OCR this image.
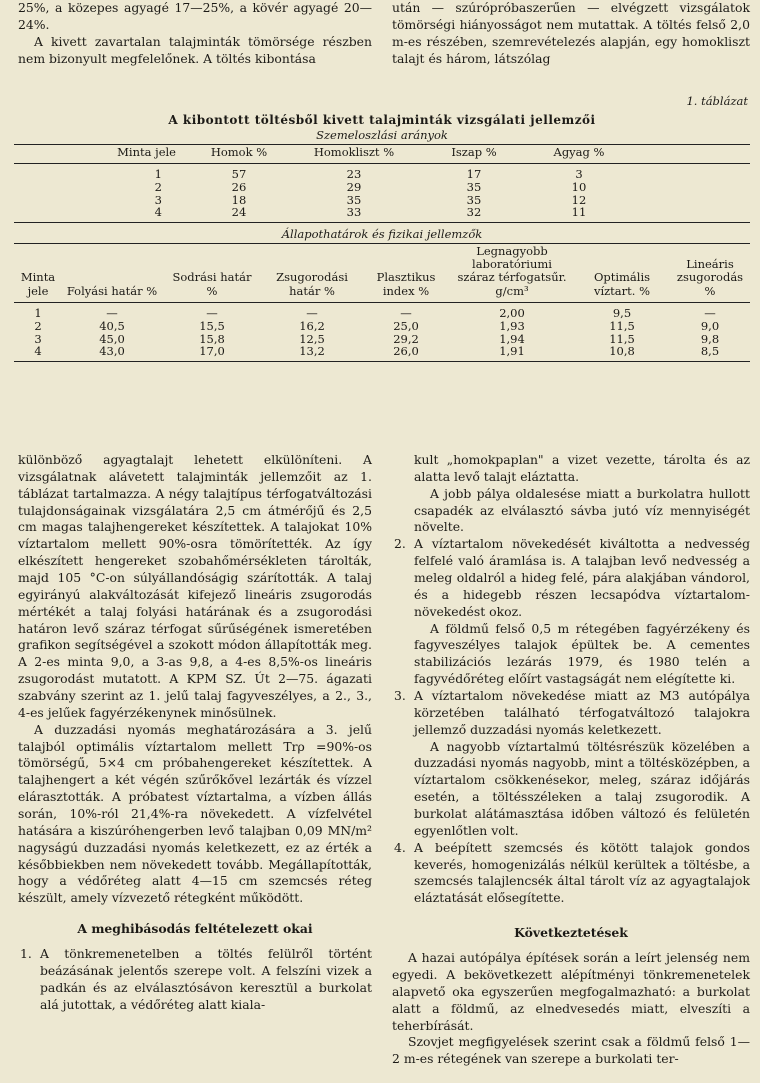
25%, a közepes agyagé 17—25%, a kövér agyagé 20—24%.

A kivett zavartalan talajminták tömörsége részben nem bizonyult megfelelőnek. A töltés kibontása

után — szúrópróbaszerűen — elvégzett vizsgálatok tömörségi hiányosságot nem mutattak. A töltés felső 2,0 m-es részében, szemrevételezés alapján, egy homokliszt talajt és három, látszólag

1. táblázat
A kibontott töltésből kivett talajminták vizsgálati jellemzői
Szemeloszlási arányok
Minta jele	Homok %	Homokliszt %	Iszap %	Agyag %	
1	57	23	17	3	
2	26	29	35	10	
3	18	35	35	12	
4	24	33	32	11	
Állapothatárok és fizikai jellemzők
Minta jele	Folyási határ %	Sodrási határ %	Zsugorodási határ %	Plasztikus index %	Legnagyobb laboratóriumi száraz térfogatsűr. g/cm³	Optimális víztart. %	Lineáris zsugorodás %
1	—	—	—	—	2,00	9,5	—
2	40,5	15,5	16,2	25,0	1,93	11,5	9,0
3	45,0	15,8	12,5	29,2	1,94	11,5	9,8
4	43,0	17,0	13,2	26,0	1,91	10,8	8,5

különböző agyagtalajt lehetett elkülöníteni. A vizsgálatnak alávetett talajminták jellemzőit az 1. táblázat tartalmazza. A négy talajtípus térfogatváltozási tulajdonságainak vizsgálatára 2,5 cm átmérőjű és 2,5 cm magas talajhengereket készítettek. A talajokat 10% víztartalom mellett 90%-osra tömörítették. Az így elkészített hengereket szobahőmérsékleten tárolták, majd 105 °C-on súlyállandóságig szárították. A talaj egyirányú alakváltozását kifejező lineáris zsugorodás mértékét a talaj folyási határának és a zsugorodási határon levő száraz térfogat sűrűségének ismeretében grafikon segítségével a szokott módon állapították meg. A 2-es minta 9,0, a 3-as 9,8, a 4-es 8,5%-os lineáris zsugorodást mutatott. A KPM SZ. Út 2—75. ágazati szabvány szerint az 1. jelű talaj fagyveszélyes, a 2., 3., 4-es jelűek fagyérzékenynek minősülnek.

A duzzadási nyomás meghatározására a 3. jelű talajból optimális víztartalom mellett Trρ =90%-os tömörségű, 5×4 cm próbahengereket készítettek. A talajhengert a két végén szűrőkővel lezárták és vízzel elárasztották. A próbatest víztartalma, a vízben állás során, 10%-ról 21,4%-ra növekedett. A vízfelvétel hatására a kiszúróhengerben levő talajban 0,09 MN/m² nagyságú duzzadási nyomás keletkezett, ez az érték a későbbiekben nem növekedett tovább. Megállapították, hogy a védőréteg alatt 4—15 cm szemcsés réteg készült, amely vízvezető rétegként működött.

A meghibásodás feltételezett okai
1. A tönkremenetelben a töltés felülről történt beázásának jelentős szerepe volt. A felszíni vizek a padkán és az elválasztósávon keresztül a burkolat alá jutottak, a védőréteg alatt kiala-

kult „homokpaplan" a vizet vezette, tárolta és az alatta levő talajt eláztatta.

A jobb pálya oldalesése miatt a burkolatra hullott csapadék az elválasztó sávba jutó víz mennyiségét növelte.

2. A víztartalom növekedését kiváltotta a nedvesség felfelé való áramlása is. A talajban levő nedvesség a meleg oldalról a hideg felé, pára alakjában vándorol, és a hidegebb részen lecsapódva víztartalom-növekedést okoz.

A földmű felső 0,5 m rétegében fagyérzékeny és fagyveszélyes talajok épültek be. A cementes stabilizációs lezárás 1979, és 1980 telén a fagyvédőréteg előírt vastagságát nem elégítette ki.

3. A víztartalom növekedése miatt az M3 autópálya körzetében található térfogatváltozó talajokra jellemző duzzadási nyomás keletkezett.

A nagyobb víztartalmú töltésrészük közelében a duzzadási nyomás nagyobb, mint a töltésközépben, a víztartalom csökkenésekor, meleg, száraz időjárás esetén, a töltésszéleken a talaj zsugorodik. A burkolat alátámasztása időben változó és felületén egyenlőtlen volt.

4. A beépített szemcsés és kötött talajok gondos keverés, homogenizálás nélkül kerültek a töltésbe, a szemcsés talajlencsék által tárolt víz az agyagtalajok eláztatását elősegítette.

Következtetések

A hazai autópálya építések során a leírt jelenség nem egyedi. A bekövetkezett alépítményi tönkremenetelek alapvető oka egyszerűen megfogalmazható: a burkolat alatt a földmű, az elnedvesedés miatt, elveszíti a teherbírását.

Szovjet megfigyelések szerint csak a földmű felső 1—2 m-es rétegének van szerepe a burkolati ter-
